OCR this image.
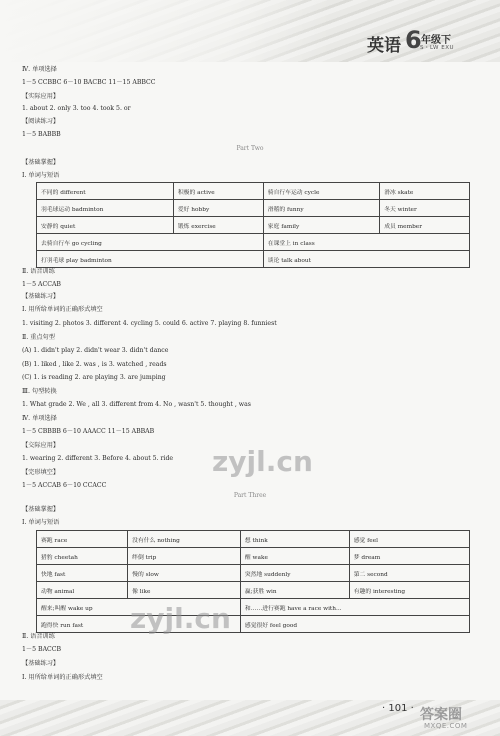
英语 6 年级下
S・LW EXU
Ⅳ. 单项选择
1－5 CCBBC 6－10 BACBC 11－15 ABBCC
【实际应用】
1. about 2. only 3. too 4. took 5. or
【阅读练习】
1－5 BABBB
Part Two
【基础掌握】
Ⅰ. 单词与短语
不同的 different	积极的 active	骑自行车运动 cycle	滑冰 skate
羽毛球运动 badminton	爱好 hobby	滑稽的 funny	冬天 winter
安静的 quiet	锻炼 exercise	家庭 family	成员 member
去骑自行车 go cycling		在课堂上 in class	
打羽毛球 play badminton		谈论 talk about	
Ⅱ. 语音训练
1－5 ACCAB
【基础练习】
Ⅰ. 用所给单词的正确形式填空
1. visiting 2. photos 3. different 4. cycling 5. could 6. active 7. playing 8. funniest
Ⅱ. 重点句型
(A) 1. didn't play 2. didn't wear 3. didn't dance
(B) 1. liked , like 2. was , is 3. watched , reads
(C) 1. is reading 2. are playing 3. are jumping
Ⅲ. 句型转换
1. What grade 2. We , all 3. different from 4. No , wasn't 5. thought , was
Ⅳ. 单项选择
1－5 CBBBB 6－10 AAACC 11－15 ABBAB
【交际应用】
1. wearing 2. different 3. Before 4. about 5. ride
【完形填空】
1－5 ACCAB 6－10 CCACC
Part Three
【基础掌握】
Ⅰ. 单词与短语
赛跑 race	没有什么 nothing	想 think	感觉 feel
猎豹 cheetah	绊倒 trip	醒 wake	梦 dream
快地 fast	慢的 slow	突然地 suddenly	第二 second
动物 animal	像 like	赢;获胜 win	有趣的 interesting
醒来;叫醒 wake up		和……进行赛跑 have a race with...	
跑得快 run fast		感觉很好 feel good	
Ⅱ. 语音训练
1－5 BACCB
【基础练习】
Ⅰ. 用所给单词的正确形式填空
zyjl.cn
zyjl.cn
· 101 · 答案圈
MXQE.COM
